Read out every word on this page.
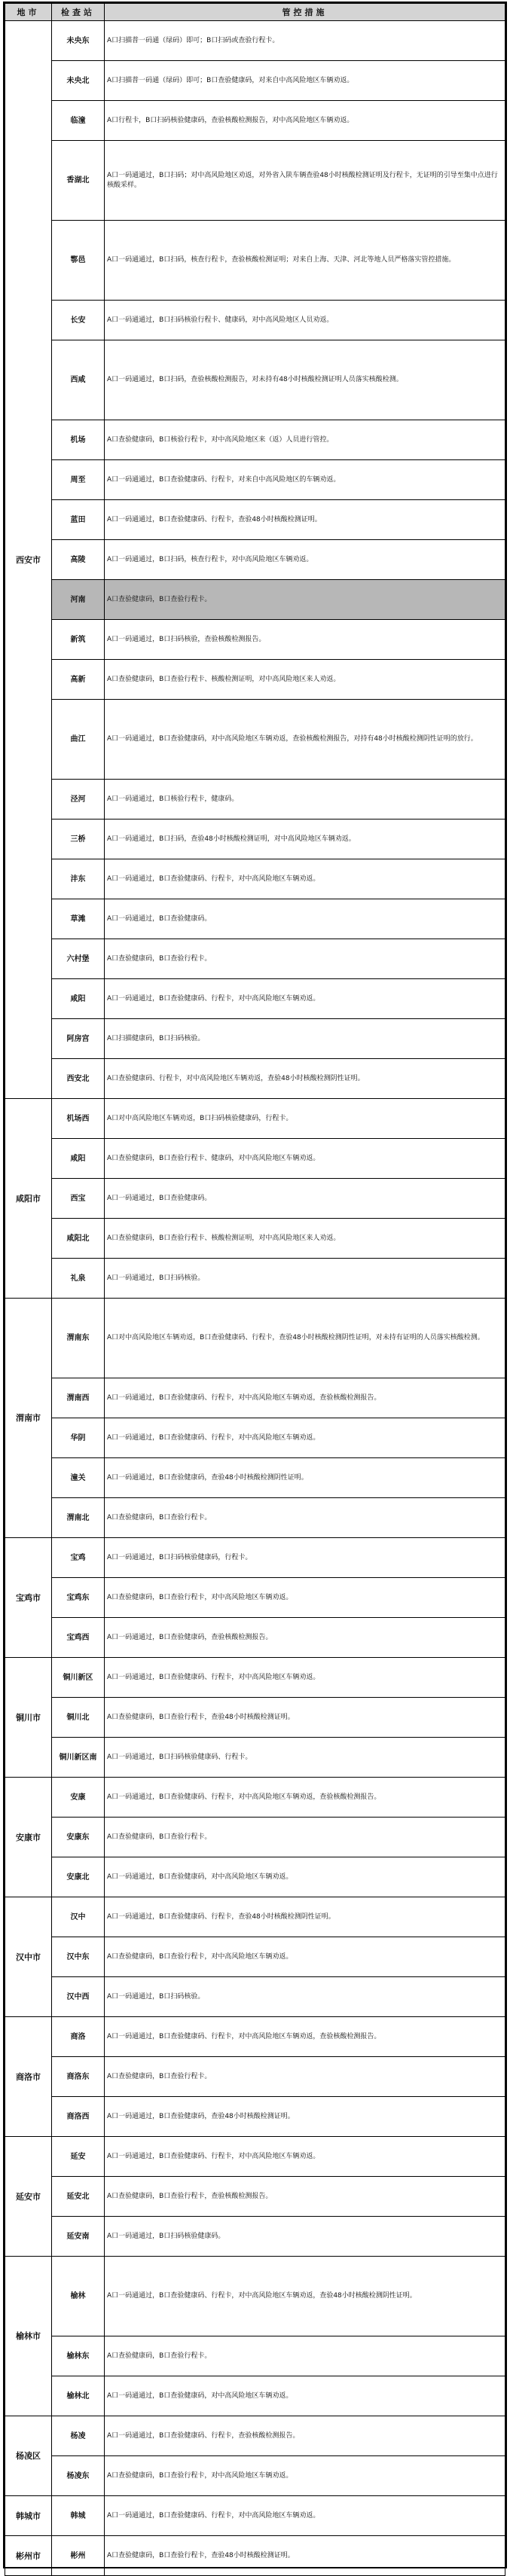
地市	检查站	管控措施
西安市	未央东	A口扫描普一码通（绿码）即可；B口扫码或查验行程卡。
	未央北	A口扫描普一码通（绿码）即可；B口查验健康码，对来自中高风险地区车辆劝返。
	临潼	A口行程卡，B口扫码核验健康码，查验核酸检测报告，对中高风险地区车辆劝返。
	香湖北	A口一码通通过，B口扫码；对中高风险地区劝返，对外省入陕车辆查验48小时核酸检测证明及行程卡，无证明的引导至集中点进行核酸采样。
	鄠邑	A口一码通通过，B口扫码，核查行程卡，查验核酸检测证明；对来自上海、天津、河北等地人员严格落实管控措施。
	长安	A口一码通通过，B口扫码核验行程卡、健康码，对中高风险地区人员劝返。
	西咸	A口一码通通过，B口扫码，查验核酸检测报告，对未持有48小时核酸检测证明人员落实核酸检测。
	机场	A口查验健康码，B口核验行程卡，对中高风险地区来（返）人员进行管控。
	周至	A口一码通通过，B口查验健康码、行程卡，对来自中高风险地区的车辆劝返。
	蓝田	A口一码通通过，B口查验健康码、行程卡，查验48小时核酸检测证明。
	高陵	A口一码通通过，B口扫码，核查行程卡，对中高风险地区车辆劝返。
	河南	A口查验健康码，B口查验行程卡。
	新筑	A口一码通通过，B口扫码核验，查验核酸检测报告。
	高新	A口查验健康码，B口查验行程卡、核酸检测证明，对中高风险地区来人劝返。
	曲江	A口一码通通过，B口查验健康码，对中高风险地区车辆劝返，查验核酸检测报告，对持有48小时核酸检测阴性证明的放行。
	泾河	A口一码通通过，B口核验行程卡，健康码。
	三桥	A口一码通通过，B口扫码，查验48小时核酸检测证明，对中高风险地区车辆劝返。
	沣东	A口一码通通过，B口查验健康码、行程卡，对中高风险地区车辆劝返。
	草滩	A口一码通通过，B口查验健康码。
	六村堡	A口查验健康码，B口查验行程卡。
	咸阳	A口一码通通过，B口查验健康码、行程卡，对中高风险地区车辆劝返。
	阿房宫	A口扫描健康码，B口扫码核验。
	西安北	A口查验健康码、行程卡，对中高风险地区车辆劝返，查验48小时核酸检测阴性证明。
咸阳市	机场西	A口对中高风险地区车辆劝返，B口扫码核验健康码，行程卡。
	咸阳	A口查验健康码，B口查验行程卡、健康码，对中高风险地区车辆劝返。
	西宝	A口一码通通过，B口查验健康码。
	咸阳北	A口查验健康码，B口查验行程卡、核酸检测证明，对中高风险地区来人劝返。
	礼泉	A口一码通通过，B口扫码核验。
渭南市	渭南东	A口对中高风险地区车辆劝返，B口查验健康码、行程卡，查验48小时核酸检测阴性证明，对未持有证明的人员落实核酸检测。
	渭南西	A口一码通通过，B口查验健康码、行程卡，对中高风险地区车辆劝返，查验核酸检测报告。
	华阴	A口一码通通过，B口查验健康码、行程卡，对中高风险地区车辆劝返。
	潼关	A口一码通通过，B口查验健康码，查验48小时核酸检测阴性证明。
	渭南北	A口查验健康码，B口查验行程卡。
宝鸡市	宝鸡	A口一码通通过，B口扫码核验健康码，行程卡。
	宝鸡东	A口查验健康码，B口查验行程卡，对中高风险地区车辆劝返。
	宝鸡西	A口一码通通过，B口查验健康码，查验核酸检测报告。
铜川市	铜川新区	A口一码通通过，B口查验健康码、行程卡，对中高风险地区车辆劝返。
	铜川北	A口查验健康码，B口查验行程卡，查验48小时核酸检测证明。
	铜川新区南	A口一码通通过，B口扫码核验健康码、行程卡。
安康市	安康	A口一码通通过，B口查验健康码、行程卡，对中高风险地区车辆劝返，查验核酸检测报告。
	安康东	A口查验健康码，B口查验行程卡。
	安康北	A口一码通通过，B口查验健康码，对中高风险地区车辆劝返。
汉中市	汉中	A口一码通通过，B口查验健康码、行程卡，查验48小时核酸检测阴性证明。
	汉中东	A口查验健康码，B口查验行程卡，对中高风险地区车辆劝返。
	汉中西	A口一码通通过，B口扫码核验。
商洛市	商洛	A口一码通通过，B口查验健康码、行程卡，对中高风险地区车辆劝返，查验核酸检测报告。
	商洛东	A口查验健康码，B口查验行程卡。
	商洛西	A口一码通通过，B口查验健康码，查验48小时核酸检测证明。
延安市	延安	A口一码通通过，B口查验健康码、行程卡，对中高风险地区车辆劝返。
	延安北	A口查验健康码，B口查验行程卡，查验核酸检测报告。
	延安南	A口一码通通过，B口扫码核验健康码。
榆林市	榆林	A口一码通通过，B口查验健康码、行程卡，对中高风险地区车辆劝返，查验48小时核酸检测阴性证明。
	榆林东	A口查验健康码，B口查验行程卡。
	榆林北	A口一码通通过，B口查验健康码，对中高风险地区车辆劝返。
杨凌区	杨凌	A口一码通通过，B口查验健康码、行程卡，查验核酸检测报告。
	杨凌东	A口查验健康码，B口查验行程卡，对中高风险地区车辆劝返。
韩城市	韩城	A口一码通通过，B口查验健康码、行程卡，对中高风险地区车辆劝返。
彬州市	彬州	A口查验健康码，B口查验行程卡，查验48小时核酸检测证明。
